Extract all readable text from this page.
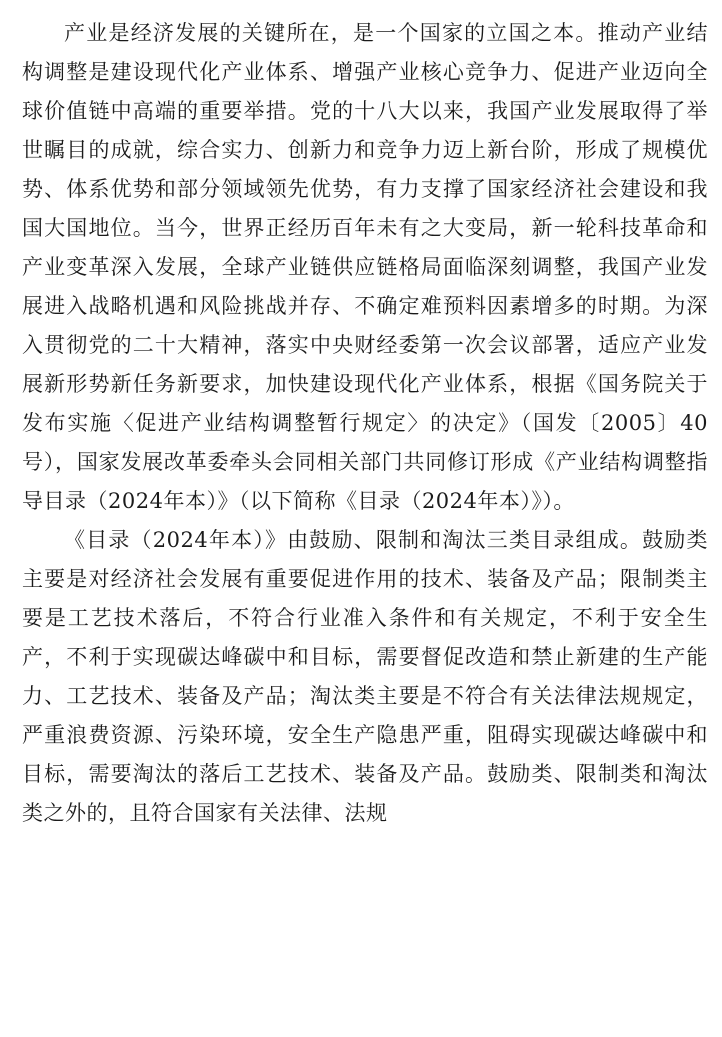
产业是经济发展的关键所在，是一个国家的立国之本。推动产业结构调整是建设现代化产业体系、增强产业核心竞争力、促进产业迈向全球价值链中高端的重要举措。党的十八大以来，我国产业发展取得了举世瞩目的成就，综合实力、创新力和竞争力迈上新台阶，形成了规模优势、体系优势和部分领域领先优势，有力支撑了国家经济社会建设和我国大国地位。当今，世界正经历百年未有之大变局，新一轮科技革命和产业变革深入发展，全球产业链供应链格局面临深刻调整，我国产业发展进入战略机遇和风险挑战并存、不确定难预料因素增多的时期。为深入贯彻党的二十大精神，落实中央财经委第一次会议部署，适应产业发展新形势新任务新要求，加快建设现代化产业体系，根据《国务院关于发布实施〈促进产业结构调整暂行规定〉的决定》（国发〔2005〕40号），国家发展改革委牵头会同相关部门共同修订形成《产业结构调整指导目录（2024年本）》（以下简称《目录（2024年本）》）。

《目录（2024年本）》由鼓励、限制和淘汰三类目录组成。鼓励类主要是对经济社会发展有重要促进作用的技术、装备及产品；限制类主要是工艺技术落后，不符合行业准入条件和有关规定，不利于安全生产，不利于实现碳达峰碳中和目标，需要督促改造和禁止新建的生产能力、工艺技术、装备及产品；淘汰类主要是不符合有关法律法规规定，严重浪费资源、污染环境，安全生产隐患严重，阻碍实现碳达峰碳中和目标，需要淘汰的落后工艺技术、装备及产品。鼓励类、限制类和淘汰类之外的，且符合国家有关法律、法规
